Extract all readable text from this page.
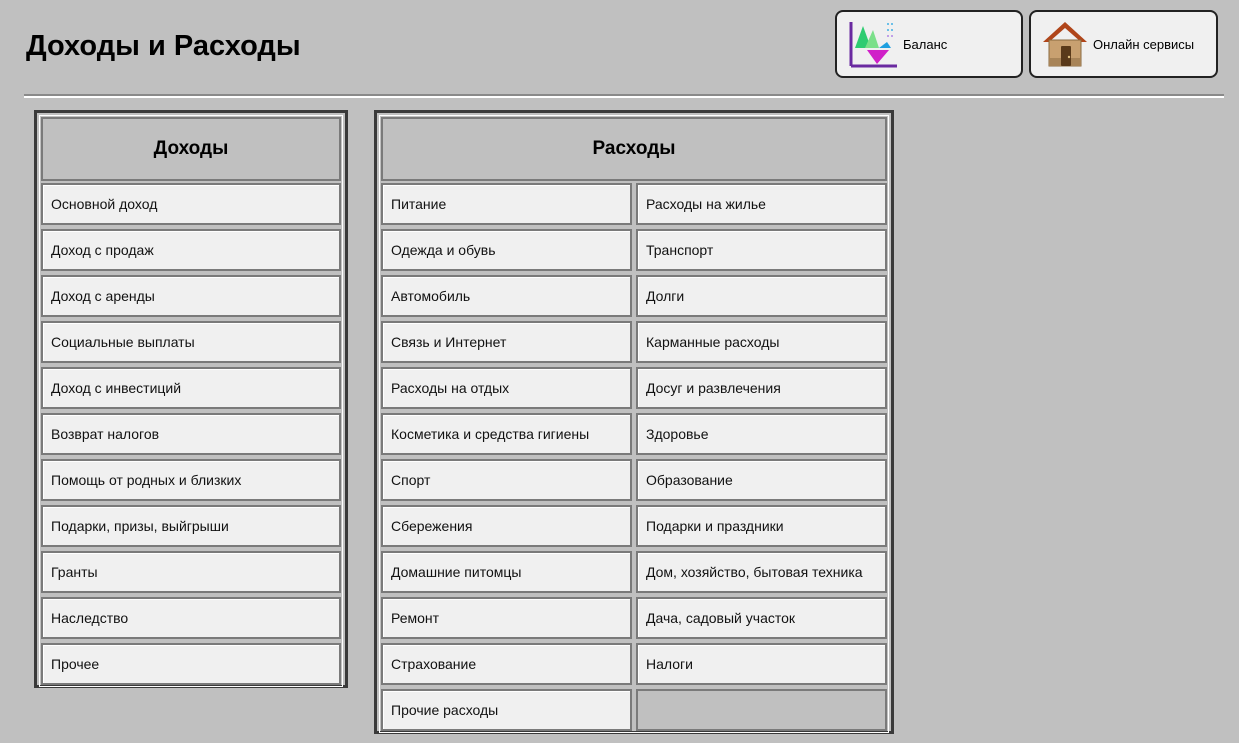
Доходы и Расходы	Баланс	Онлайн сервисы
Доходы
Основной доход
Доход с продаж
Доход с аренды
Социальные выплаты
Доход с инвестиций
Возврат налогов
Помощь от родных и близких
Подарки, призы, выйгрыши
Гранты
Наследство
Прочее
Расходы
Питание	Расходы на жилье
Одежда и обувь	Транспорт
Автомобиль	Долги
Связь и Интернет	Карманные расходы
Расходы на отдых	Досуг и развлечения
Косметика и средства гигиены	Здоровье
Спорт	Образование
Сбережения	Подарки и праздники
Домашние питомцы	Дом, хозяйство, бытовая техника
Ремонт	Дача, садовый участок
Страхование	Налоги
Прочие расходы
